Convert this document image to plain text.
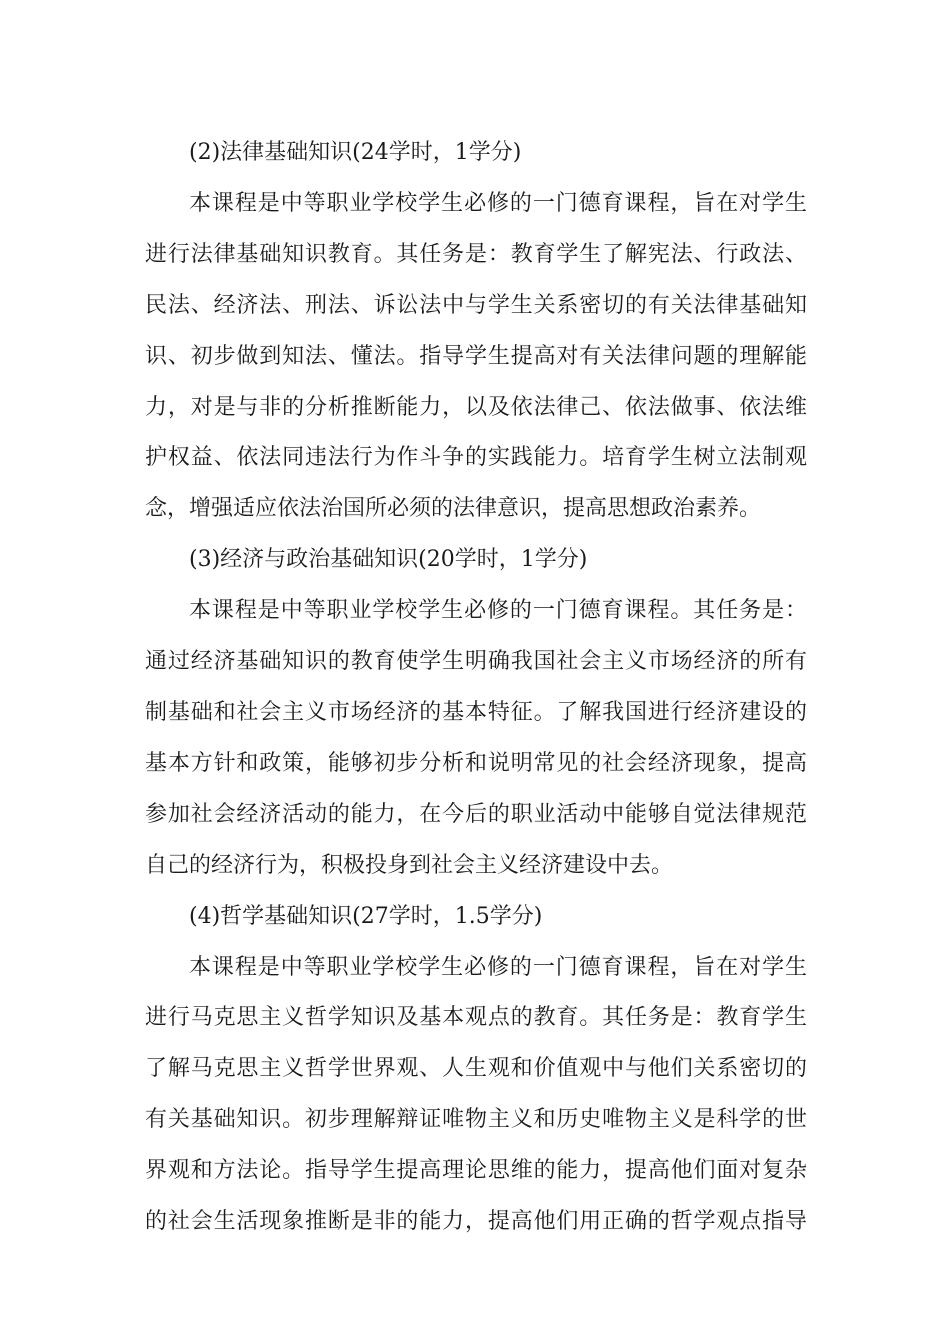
(2)法律基础知识(24学时，1学分)

本课程是中等职业学校学生必修的一门德育课程，旨在对学生
进行法律基础知识教育。其任务是：教育学生了解宪法、行政法、
民法、经济法、刑法、诉讼法中与学生关系密切的有关法律基础知
识、初步做到知法、懂法。指导学生提高对有关法律问题的理解能
力，对是与非的分析推断能力，以及依法律己、依法做事、依法维
护权益、依法同违法行为作斗争的实践能力。培育学生树立法制观
念，增强适应依法治国所必须的法律意识，提高思想政治素养。

(3)经济与政治基础知识(20学时，1学分)

本课程是中等职业学校学生必修的一门德育课程。其任务是：
通过经济基础知识的教育使学生明确我国社会主义市场经济的所有
制基础和社会主义市场经济的基本特征。了解我国进行经济建设的
基本方针和政策，能够初步分析和说明常见的社会经济现象，提高
参加社会经济活动的能力，在今后的职业活动中能够自觉法律规范
自己的经济行为，积极投身到社会主义经济建设中去。

(4)哲学基础知识(27学时，1.5学分)

本课程是中等职业学校学生必修的一门德育课程，旨在对学生
进行马克思主义哲学知识及基本观点的教育。其任务是：教育学生
了解马克思主义哲学世界观、人生观和价值观中与他们关系密切的
有关基础知识。初步理解辩证唯物主义和历史唯物主义是科学的世
界观和方法论。指导学生提高理论思维的能力，提高他们面对复杂
的社会生活现象推断是非的能力，提高他们用正确的哲学观点指导
